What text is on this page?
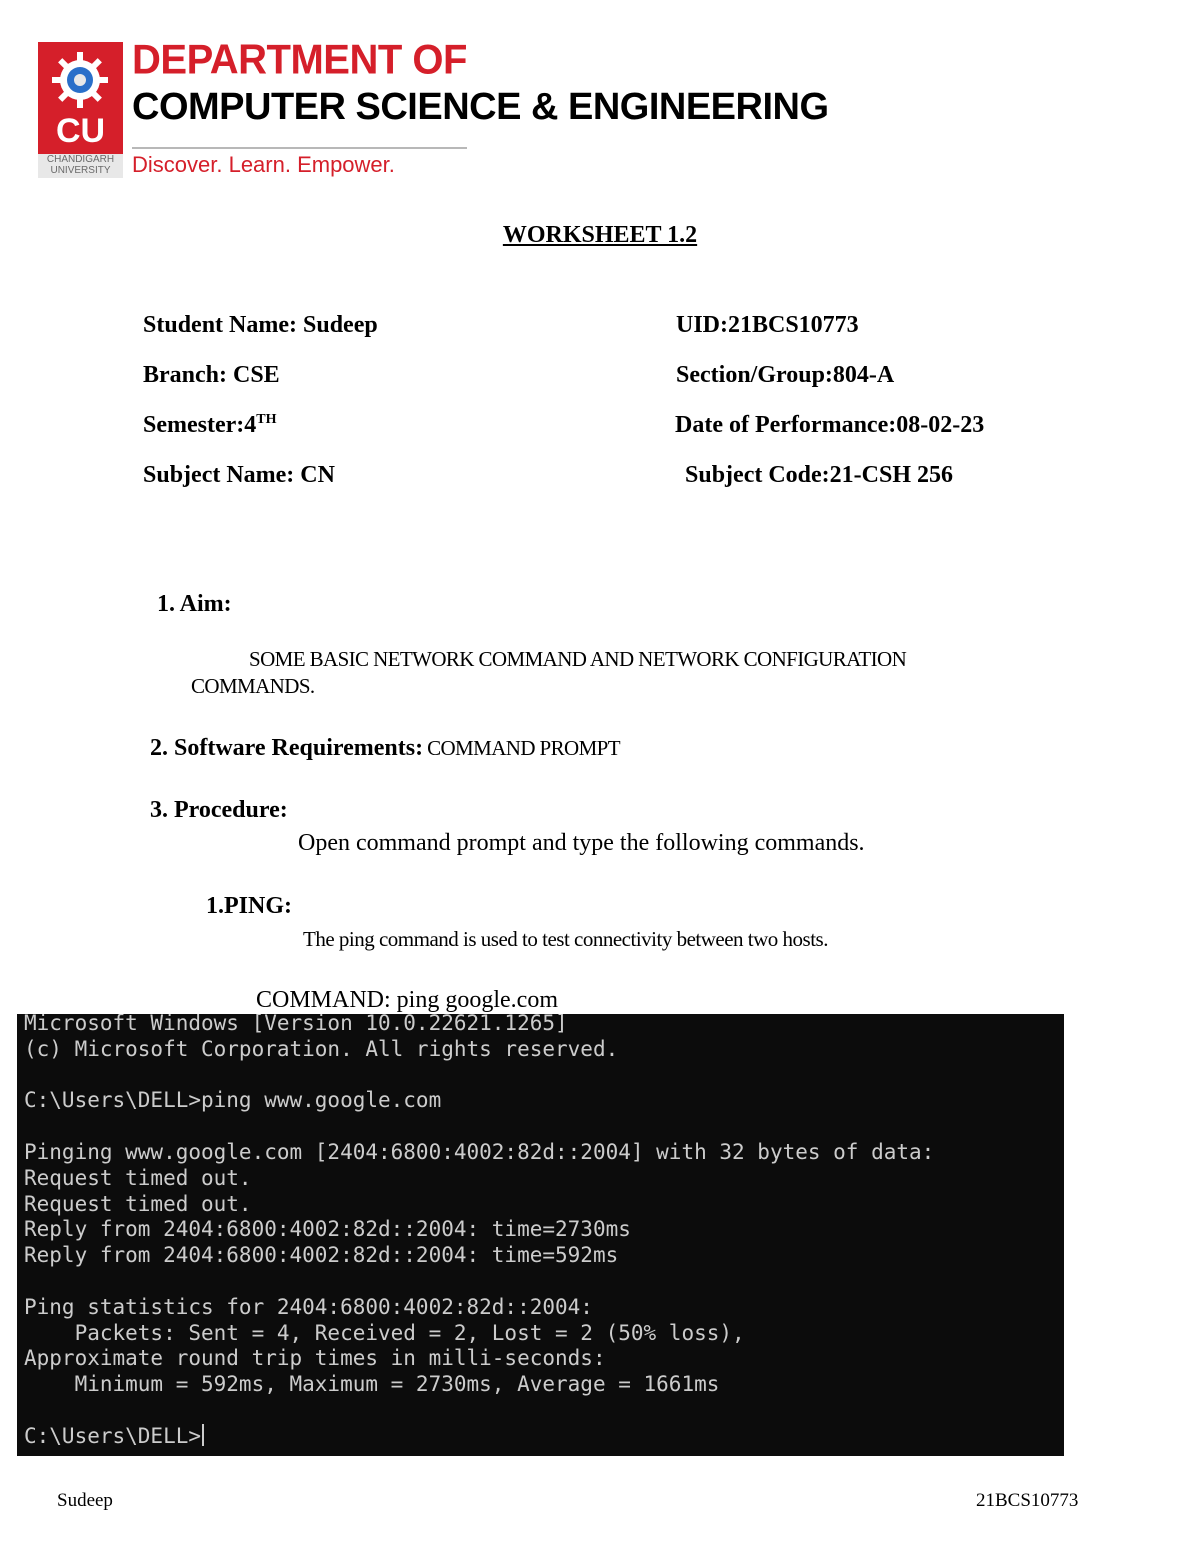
CU
CHANDIGARH UNIVERSITY
DEPARTMENT OF
COMPUTER SCIENCE & ENGINEERING
Discover. Learn. Empower.
WORKSHEET 1.2
Student Name: Sudeep	UID:21BCS10773
Branch: CSE	Section/Group:804-A
Semester:4TH	Date of Performance:08-02-23
Subject Name: CN	Subject Code:21-CSH 256
1. Aim:
SOME BASIC NETWORK COMMAND AND NETWORK CONFIGURATION
COMMANDS.
2. Software Requirements: COMMAND PROMPT
3. Procedure:
Open command prompt and type the following commands.
1.PING:
The ping command is used to test connectivity between two hosts.
COMMAND: ping google.com
Microsoft Windows [Version 10.0.22621.1265]
(c) Microsoft Corporation. All rights reserved.

C:\Users\DELL>ping www.google.com

Pinging www.google.com [2404:6800:4002:82d::2004] with 32 bytes of data:
Request timed out.
Request timed out.
Reply from 2404:6800:4002:82d::2004: time=2730ms
Reply from 2404:6800:4002:82d::2004: time=592ms

Ping statistics for 2404:6800:4002:82d::2004:
Packets: Sent = 4, Received = 2, Lost = 2 (50% loss),
Approximate round trip times in milli-seconds:
Minimum = 592ms, Maximum = 2730ms, Average = 1661ms

C:\Users\DELL>
Sudeep	21BCS10773
